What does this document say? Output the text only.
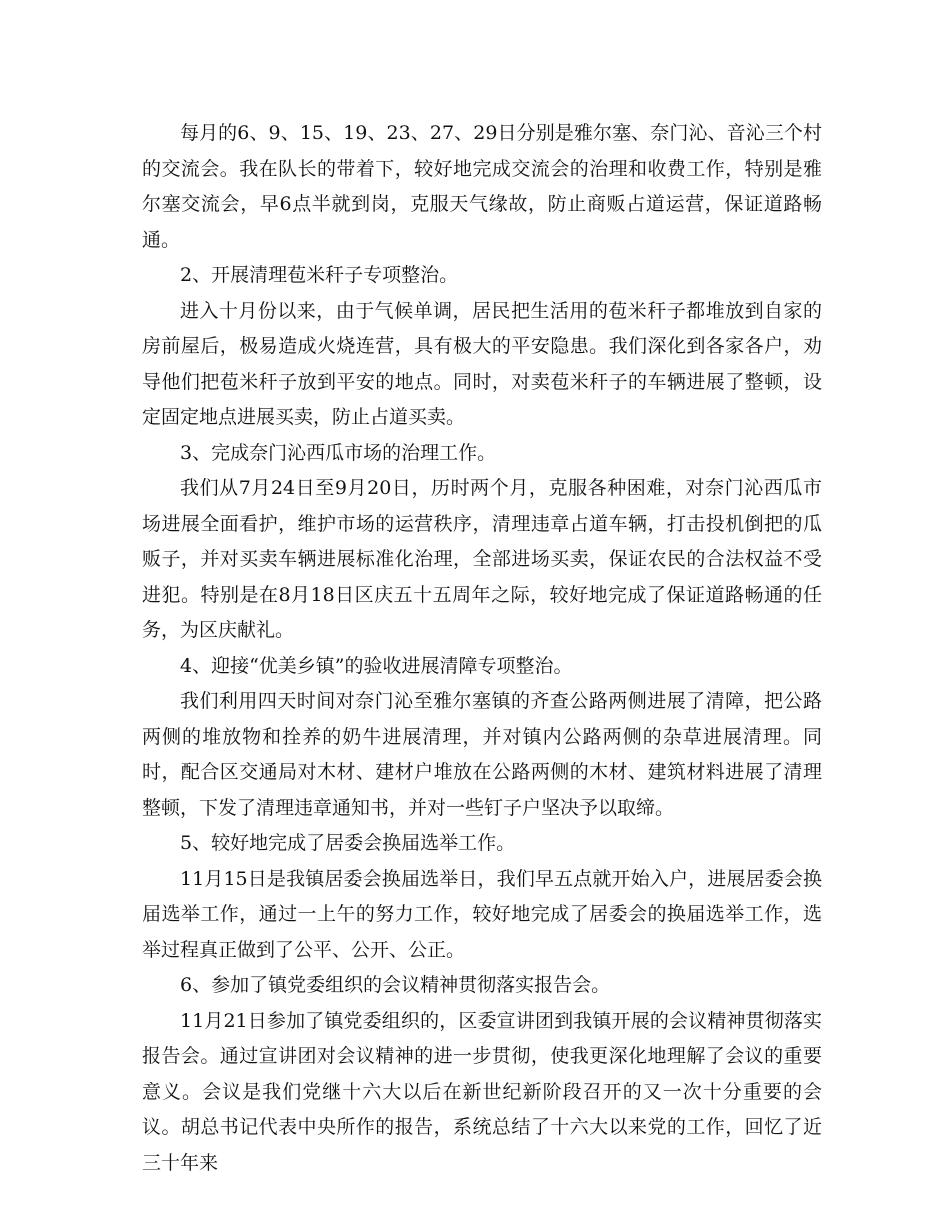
每月的6、9、15、19、23、27、29日分别是雅尔塞、奈门沁、音沁三个村的交流会。我在队长的带着下，较好地完成交流会的治理和收费工作，特别是雅尔塞交流会，早6点半就到岗，克服天气缘故，防止商贩占道运营，保证道路畅通。

2、开展清理苞米秆子专项整治。

进入十月份以来，由于气候单调，居民把生活用的苞米秆子都堆放到自家的房前屋后，极易造成火烧连营，具有极大的平安隐患。我们深化到各家各户，劝导他们把苞米秆子放到平安的地点。同时，对卖苞米秆子的车辆进展了整顿，设定固定地点进展买卖，防止占道买卖。

3、完成奈门沁西瓜市场的治理工作。

我们从7月24日至9月20日，历时两个月，克服各种困难，对奈门沁西瓜市场进展全面看护，维护市场的运营秩序，清理违章占道车辆，打击投机倒把的瓜贩子，并对买卖车辆进展标准化治理，全部进场买卖，保证农民的合法权益不受进犯。特别是在8月18日区庆五十五周年之际，较好地完成了保证道路畅通的任务，为区庆献礼。

4、迎接“优美乡镇”的验收进展清障专项整治。

我们利用四天时间对奈门沁至雅尔塞镇的齐查公路两侧进展了清障，把公路两侧的堆放物和拴养的奶牛进展清理，并对镇内公路两侧的杂草进展清理。同时，配合区交通局对木材、建材户堆放在公路两侧的木材、建筑材料进展了清理整顿，下发了清理违章通知书，并对一些钉子户坚决予以取缔。

5、较好地完成了居委会换届选举工作。

11月15日是我镇居委会换届选举日，我们早五点就开始入户，进展居委会换届选举工作，通过一上午的努力工作，较好地完成了居委会的换届选举工作，选举过程真正做到了公平、公开、公正。

6、参加了镇党委组织的会议精神贯彻落实报告会。

11月21日参加了镇党委组织的，区委宣讲团到我镇开展的会议精神贯彻落实报告会。通过宣讲团对会议精神的进一步贯彻，使我更深化地理解了会议的重要意义。会议是我们党继十六大以后在新世纪新阶段召开的又一次十分重要的会议。胡总书记代表中央所作的报告，系统总结了十六大以来党的工作，回忆了近三十年来
